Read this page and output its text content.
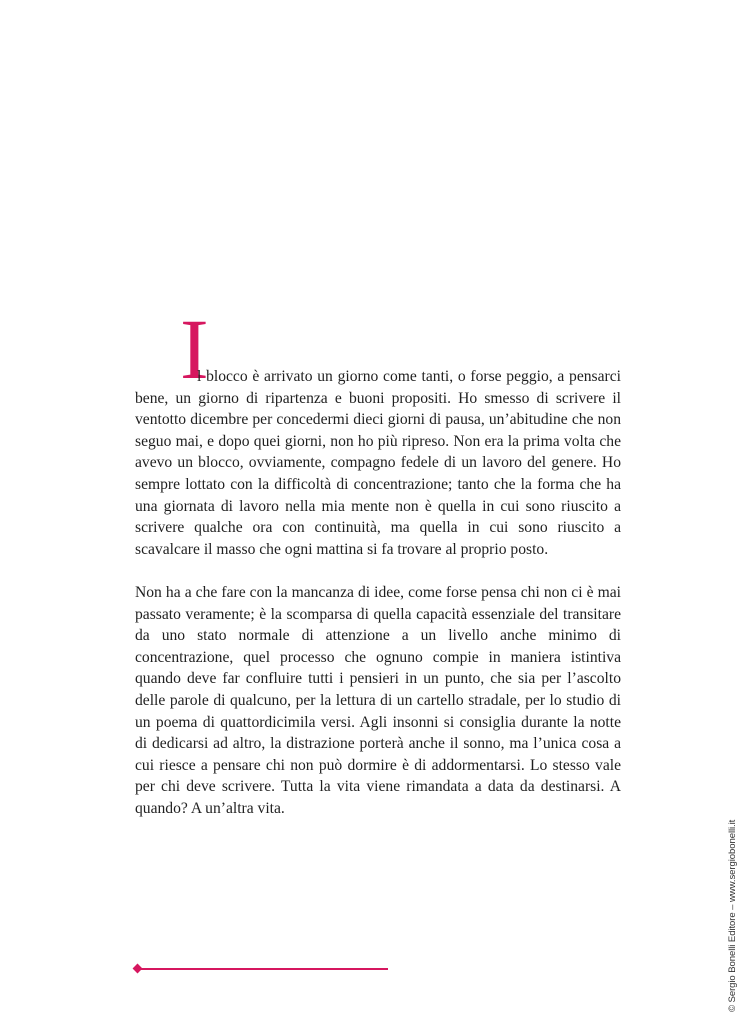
I

l blocco è arrivato un giorno come tanti, o forse peggio, a pensarci bene, un giorno di ripartenza e buoni propositi. Ho smesso di scrivere il ventotto dicembre per concedermi dieci giorni di pausa, un’abitudine che non seguo mai, e dopo quei giorni, non ho più ripreso. Non era la prima volta che avevo un blocco, ovviamente, compagno fedele di un lavoro del genere. Ho sempre lottato con la difficoltà di concentrazione; tanto che la forma che ha una giornata di lavoro nella mia mente non è quella in cui sono riuscito a scrivere qualche ora con continuità, ma quella in cui sono riuscito a scavalcare il masso che ogni mattina si fa trovare al proprio posto.

Non ha a che fare con la mancanza di idee, come forse pensa chi non ci è mai passato veramente; è la scomparsa di quella capacità essenziale del transitare da uno stato normale di attenzione a un livello anche minimo di concentrazione, quel processo che ognuno compie in maniera istintiva quando deve far confluire tutti i pensieri in un punto, che sia per l’ascolto delle parole di qualcuno, per la lettura di un cartello stradale, per lo studio di un poema di quattordicimila versi. Agli insonni si consiglia durante la notte di dedicarsi ad altro, la distrazione porterà anche il sonno, ma l’unica cosa a cui riesce a pensare chi non può dormire è di addormentarsi. Lo stesso vale per chi deve scrivere. Tutta la vita viene rimandata a data da destinarsi. A quando? A un’altra vita.

© Sergio Bonelli Editore – www.sergiobonelli.it
